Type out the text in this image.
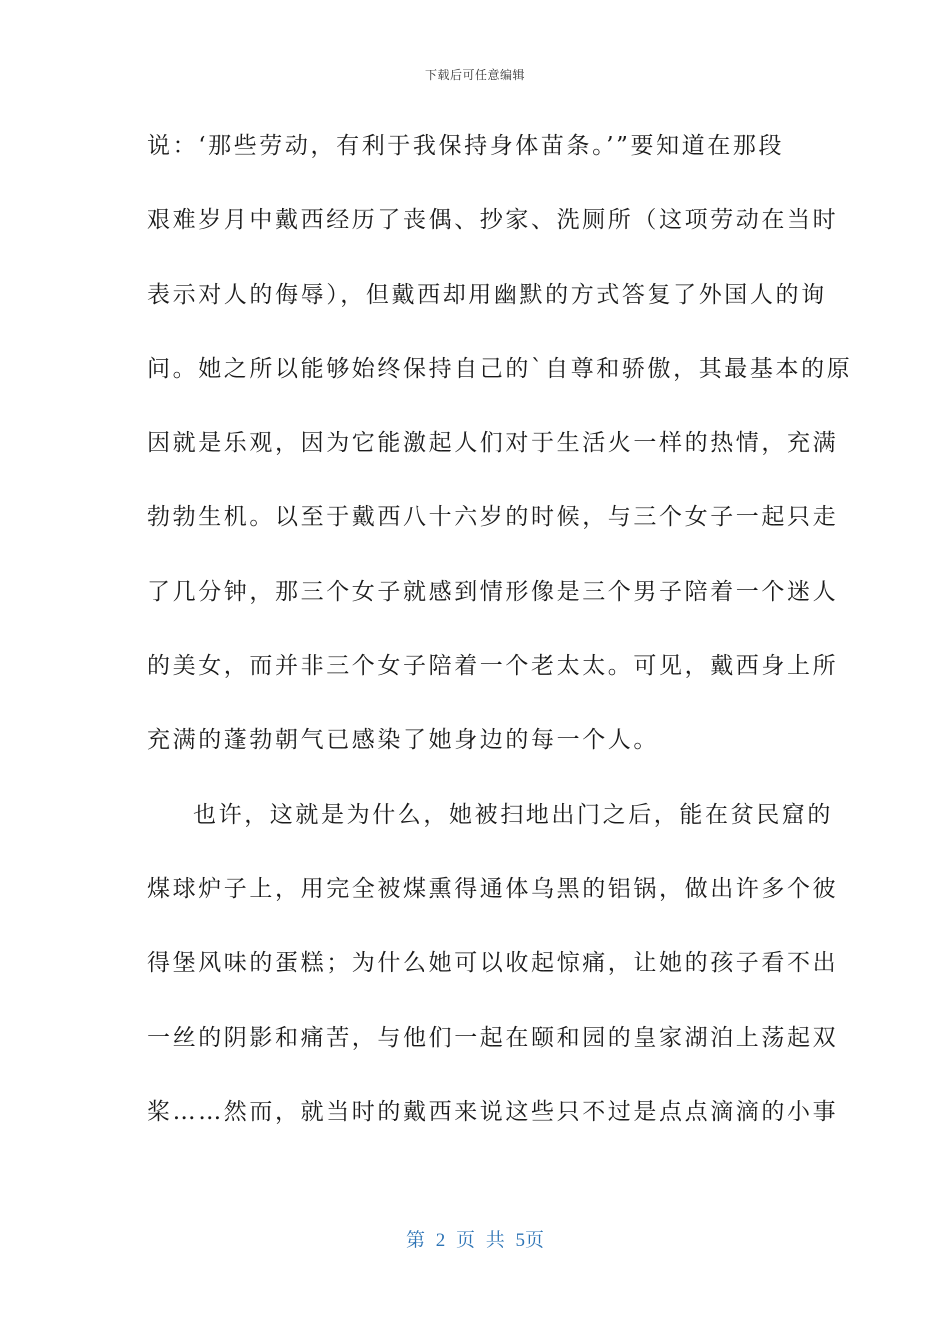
下载后可任意编辑
说：‘那些劳动，有利于我保持身体苗条。’”要知道在那段
艰难岁月中戴西经历了丧偶、抄家、洗厕所（这项劳动在当时
表示对人的侮辱），但戴西却用幽默的方式答复了外国人的询
问。她之所以能够始终保持自己的`自尊和骄傲，其最基本的原
因就是乐观，因为它能激起人们对于生活火一样的热情，充满
勃勃生机。以至于戴西八十六岁的时候，与三个女子一起只走
了几分钟，那三个女子就感到情形像是三个男子陪着一个迷人
的美女，而并非三个女子陪着一个老太太。可见，戴西身上所
充满的蓬勃朝气已感染了她身边的每一个人。
也许，这就是为什么，她被扫地出门之后，能在贫民窟的
煤球炉子上，用完全被煤熏得通体乌黑的铝锅，做出许多个彼
得堡风味的蛋糕；为什么她可以收起惊痛，让她的孩子看不出
一丝的阴影和痛苦，与他们一起在颐和园的皇家湖泊上荡起双
桨……然而，就当时的戴西来说这些只不过是点点滴滴的小事
第 2 页 共 5页
